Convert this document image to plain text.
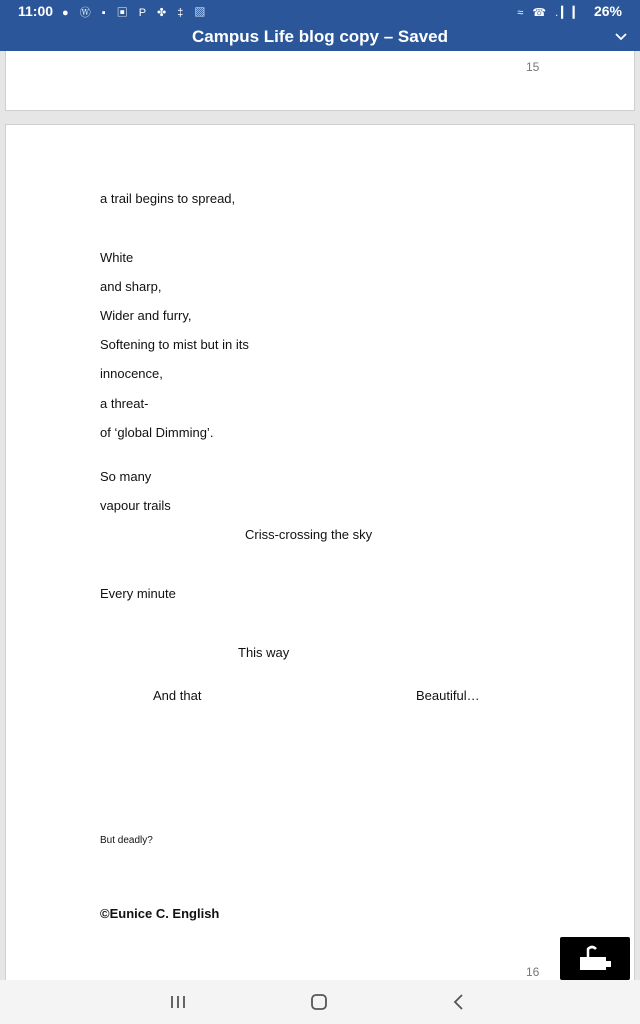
11:00 ● Ⓦ ▪ ▣ P ✤ ‡ ▨	≈ ☎ .▎▎ 26%
Campus Life blog copy – Saved
15
a trail begins to spread,
White
and sharp,
Wider and furry,
Softening to mist but in its
innocence,
a threat-
of ‘global Dimming’.
So many
vapour trails
Criss-crossing the sky
Every minute
This way
And that	Beautiful…
But deadly?
©Eunice C. English
16
